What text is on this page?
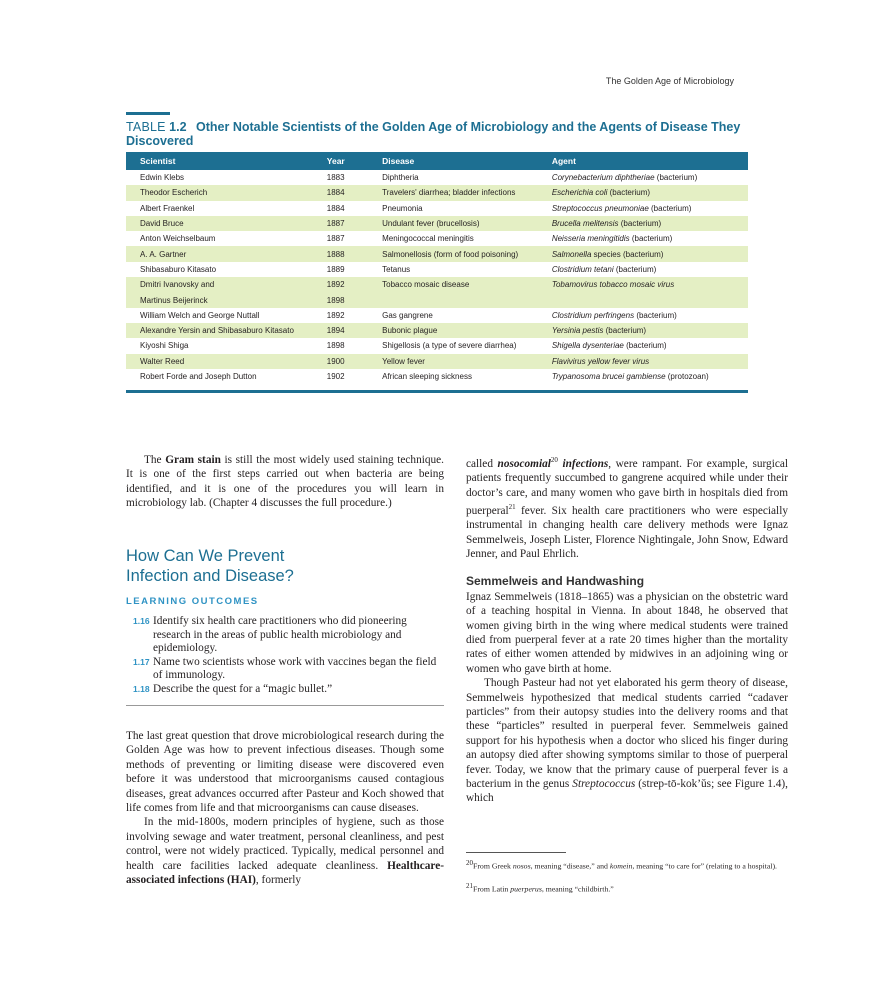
The Golden Age of Microbiology
TABLE 1.2 Other Notable Scientists of the Golden Age of Microbiology and the Agents of Disease They Discovered
Scientist	Year	Disease	Agent
Edwin Klebs	1883	Diphtheria	Corynebacterium diphtheriae (bacterium)
Theodor Escherich	1884	Travelers' diarrhea; bladder infections	Escherichia coli (bacterium)
Albert Fraenkel	1884	Pneumonia	Streptococcus pneumoniae (bacterium)
David Bruce	1887	Undulant fever (brucellosis)	Brucella melitensis (bacterium)
Anton Weichselbaum	1887	Meningococcal meningitis	Neisseria meningitidis (bacterium)
A. A. Gartner	1888	Salmonellosis (form of food poisoning)	Salmonella species (bacterium)
Shibasaburo Kitasato	1889	Tetanus	Clostridium tetani (bacterium)
Dmitri Ivanovsky and	1892	Tobacco mosaic disease	Tobamovirus tobacco mosaic virus
Martinus Beijerinck	1898		
William Welch and George Nuttall	1892	Gas gangrene	Clostridium perfringens (bacterium)
Alexandre Yersin and Shibasaburo Kitasato	1894	Bubonic plague	Yersinia pestis (bacterium)
Kiyoshi Shiga	1898	Shigellosis (a type of severe diarrhea)	Shigella dysenteriae (bacterium)
Walter Reed	1900	Yellow fever	Flavivirus yellow fever virus
Robert Forde and Joseph Dutton	1902	African sleeping sickness	Trypanosoma brucei gambiense (protozoan)

The Gram stain is still the most widely used staining technique. It is one of the first steps carried out when bacteria are being identified, and it is one of the procedures you will learn in microbiology lab. (Chapter 4 discusses the full procedure.)

How Can We Prevent
Infection and Disease?
LEARNING OUTCOMES
1.16 Identify six health care practitioners who did pioneering research in the areas of public health microbiology and epidemiology.
1.17 Name two scientists whose work with vaccines began the field of immunology.
1.18 Describe the quest for a “magic bullet.”

The last great question that drove microbiological research during the Golden Age was how to prevent infectious diseases. Though some methods of preventing or limiting disease were discovered even before it was understood that microorganisms caused contagious diseases, great advances occurred after Pasteur and Koch showed that life comes from life and that microorganisms can cause diseases.

In the mid-1800s, modern principles of hygiene, such as those involving sewage and water treatment, personal cleanliness, and pest control, were not widely practiced. Typically, medical personnel and health care facilities lacked adequate cleanliness. Healthcare-associated infections (HAI), formerly

called nosocomial$^{20}$ infections, were rampant. For example, surgical patients frequently succumbed to gangrene acquired while under their doctor’s care, and many women who gave birth in hospitals died from puerperal$^{21}$ fever. Six health care practitioners who were especially instrumental in changing health care delivery methods were Ignaz Semmelweis, Joseph Lister, Florence Nightingale, John Snow, Edward Jenner, and Paul Ehrlich.

Semmelweis and Handwashing

Ignaz Semmelweis (1818–1865) was a physician on the obstetric ward of a teaching hospital in Vienna. In about 1848, he observed that women giving birth in the wing where medical students were trained died from puerperal fever at a rate 20 times higher than the mortality rates of either women attended by midwives in an adjoining wing or women who gave birth at home.

Though Pasteur had not yet elaborated his germ theory of disease, Semmelweis hypothesized that medical students carried “cadaver particles” from their autopsy studies into the delivery rooms and that these “particles” resulted in puerperal fever. Semmelweis gained support for his hypothesis when a doctor who sliced his finger during an autopsy died after showing symptoms similar to those of puerperal fever. Today, we know that the primary cause of puerperal fever is a bacterium in the genus Streptococcus (strep-tō-kok’ŭs; see Figure 1.4), which

$^{20}$From Greek nosos, meaning “disease,” and komein, meaning “to care for” (relating to a hospital).
$^{21}$From Latin puerperus, meaning “childbirth.”
